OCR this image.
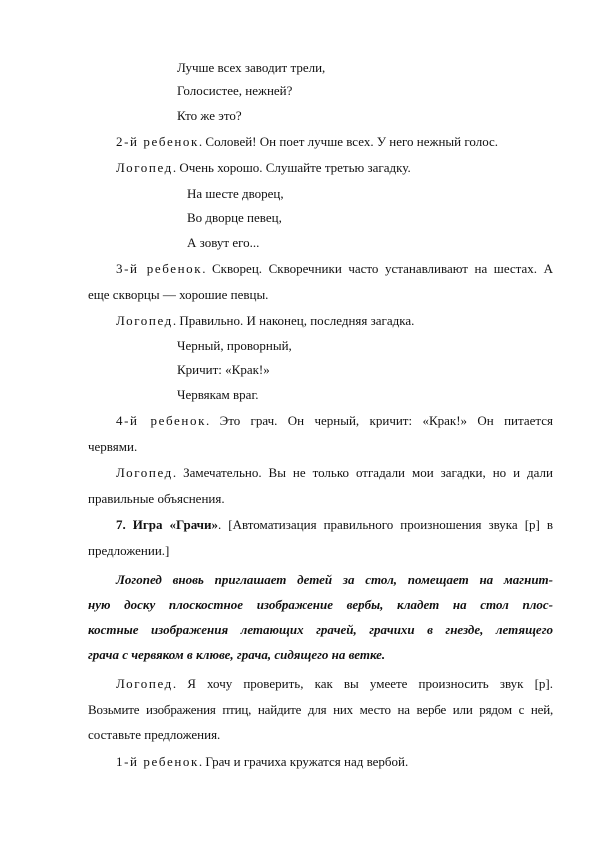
Лучше всех заводит трели,
Голосистее, нежней?
Кто же это?
2-й ребенок. Соловей! Он поет лучше всех. У него нежный голос.
Логопед. Очень хорошо. Слушайте третью загадку.
На шесте дворец,
Во дворце певец,
А зовут его...
3-й ребенок. Скворец. Скворечники часто устанавливают на шестах. А
еще скворцы — хорошие певцы.
Логопед. Правильно. И наконец, последняя загадка.
Черный, проворный,
Кричит: «Крак!»
Червякам враг.
4-й ребенок. Это грач. Он черный, кричит: «Крак!» Он питается
червями.
Логопед. Замечательно. Вы не только отгадали мои загадки, но и дали
правильные объяснения.
7. Игра «Грачи». [Автоматизация правильного произношения звука [р] в
предложении.]
Логопед вновь приглашает детей за стол, помещает на магнит-
ную доску плоскостное изображение вербы, кладет на стол плос-
костные изображения летающих грачей, грачихи в гнезде, летящего
грача с червяком в клюве, грача, сидящего на ветке.
Логопед. Я хочу проверить, как вы умеете произносить звук [р].
Возьмите изображения птиц, найдите для них место на вербе или рядом с ней,
составьте предложения.
1-й ребенок. Грач и грачиха кружатся над вербой.
